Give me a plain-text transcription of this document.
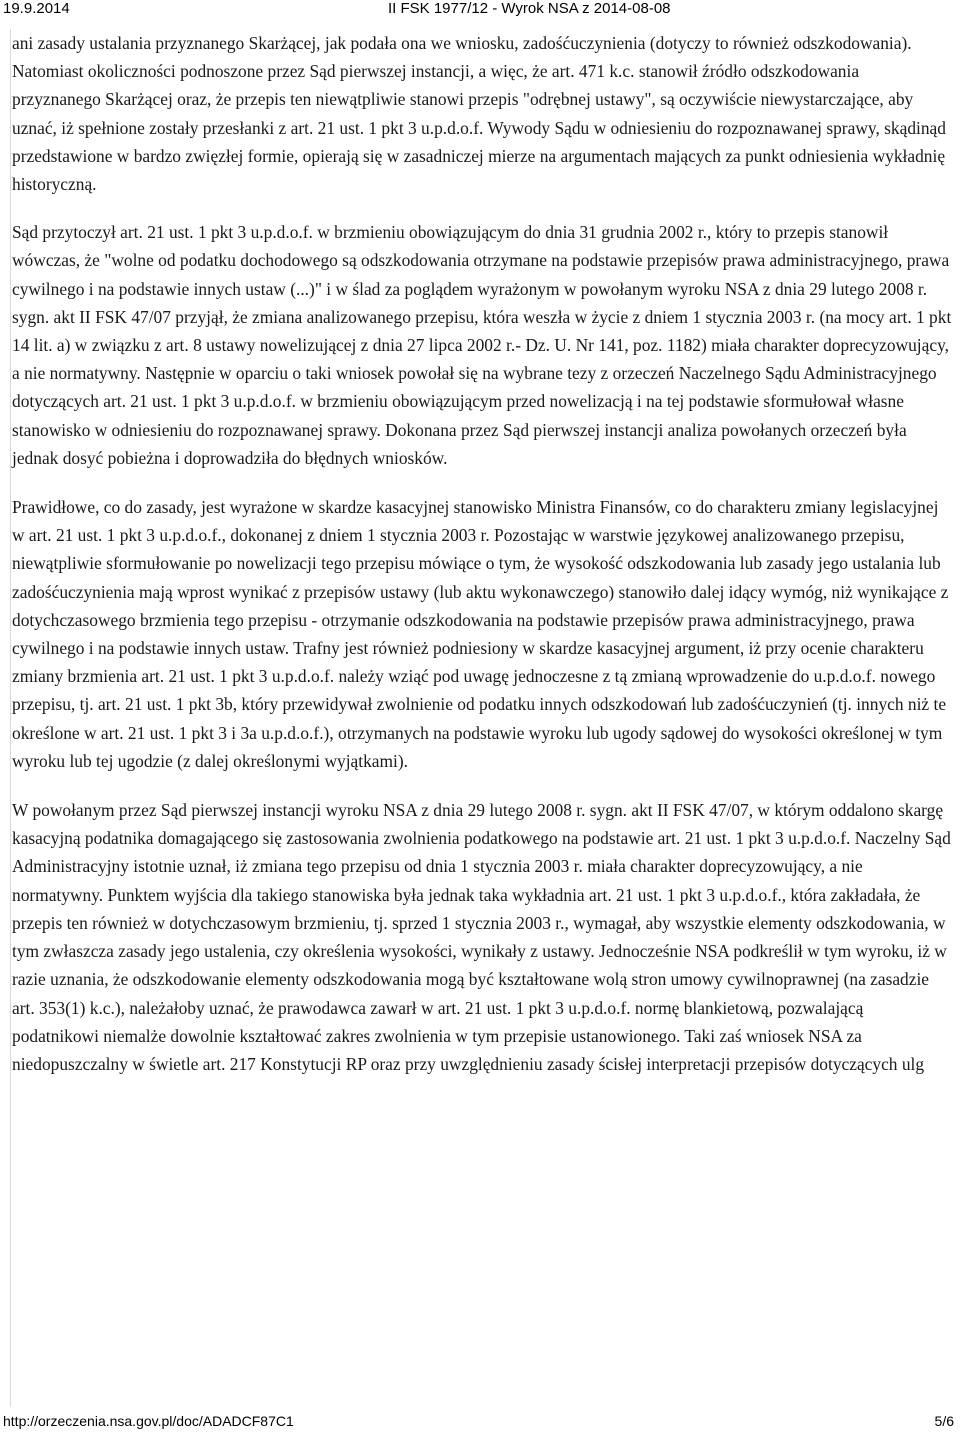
19.9.2014	II FSK 1977/12 - Wyrok NSA z 2014-08-08

ani zasady ustalania przyznanego Skarżącej, jak podała ona we wniosku, zadośćuczynienia (dotyczy to również odszkodowania). Natomiast okoliczności podnoszone przez Sąd pierwszej instancji, a więc, że art. 471 k.c. stanowił źródło odszkodowania przyznanego Skarżącej oraz, że przepis ten niewątpliwie stanowi przepis "odrębnej ustawy", są oczywiście niewystarczające, aby uznać, iż spełnione zostały przesłanki z art. 21 ust. 1 pkt 3 u.p.d.o.f. Wywody Sądu w odniesieniu do rozpoznawanej sprawy, skądinąd przedstawione w bardzo zwięzłej formie, opierają się w zasadniczej mierze na argumentach mających za punkt odniesienia wykładnię historyczną.

Sąd przytoczył art. 21 ust. 1 pkt 3 u.p.d.o.f. w brzmieniu obowiązującym do dnia 31 grudnia 2002 r., który to przepis stanowił wówczas, że "wolne od podatku dochodowego są odszkodowania otrzymane na podstawie przepisów prawa administracyjnego, prawa cywilnego i na podstawie innych ustaw (...)" i w ślad za poglądem wyrażonym w powołanym wyroku NSA z dnia 29 lutego 2008 r. sygn. akt II FSK 47/07 przyjął, że zmiana analizowanego przepisu, która weszła w życie z dniem 1 stycznia 2003 r. (na mocy art. 1 pkt 14 lit. a) w związku z art. 8 ustawy nowelizującej z dnia 27 lipca 2002 r.- Dz. U. Nr 141, poz. 1182) miała charakter doprecyzowujący, a nie normatywny. Następnie w oparciu o taki wniosek powołał się na wybrane tezy z orzeczeń Naczelnego Sądu Administracyjnego dotyczących art. 21 ust. 1 pkt 3 u.p.d.o.f. w brzmieniu obowiązującym przed nowelizacją i na tej podstawie sformułował własne stanowisko w odniesieniu do rozpoznawanej sprawy. Dokonana przez Sąd pierwszej instancji analiza powołanych orzeczeń była jednak dosyć pobieżna i doprowadziła do błędnych wniosków.

Prawidłowe, co do zasady, jest wyrażone w skardze kasacyjnej stanowisko Ministra Finansów, co do charakteru zmiany legislacyjnej w art. 21 ust. 1 pkt 3 u.p.d.o.f., dokonanej z dniem 1 stycznia 2003 r. Pozostając w warstwie językowej analizowanego przepisu, niewątpliwie sformułowanie po nowelizacji tego przepisu mówiące o tym, że wysokość odszkodowania lub zasady jego ustalania lub zadośćuczynienia mają wprost wynikać z przepisów ustawy (lub aktu wykonawczego) stanowiło dalej idący wymóg, niż wynikające z dotychczasowego brzmienia tego przepisu - otrzymanie odszkodowania na podstawie przepisów prawa administracyjnego, prawa cywilnego i na podstawie innych ustaw. Trafny jest również podniesiony w skardze kasacyjnej argument, iż przy ocenie charakteru zmiany brzmienia art. 21 ust. 1 pkt 3 u.p.d.o.f. należy wziąć pod uwagę jednoczesne z tą zmianą wprowadzenie do u.p.d.o.f. nowego przepisu, tj. art. 21 ust. 1 pkt 3b, który przewidywał zwolnienie od podatku innych odszkodowań lub zadośćuczynień (tj. innych niż te określone w art. 21 ust. 1 pkt 3 i 3a u.p.d.o.f.), otrzymanych na podstawie wyroku lub ugody sądowej do wysokości określonej w tym wyroku lub tej ugodzie (z dalej określonymi wyjątkami).

W powołanym przez Sąd pierwszej instancji wyroku NSA z dnia 29 lutego 2008 r. sygn. akt II FSK 47/07, w którym oddalono skargę kasacyjną podatnika domagającego się zastosowania zwolnienia podatkowego na podstawie art. 21 ust. 1 pkt 3 u.p.d.o.f. Naczelny Sąd Administracyjny istotnie uznał, iż zmiana tego przepisu od dnia 1 stycznia 2003 r. miała charakter doprecyzowujący, a nie normatywny. Punktem wyjścia dla takiego stanowiska była jednak taka wykładnia art. 21 ust. 1 pkt 3 u.p.d.o.f., która zakładała, że przepis ten również w dotychczasowym brzmieniu, tj. sprzed 1 stycznia 2003 r., wymagał, aby wszystkie elementy odszkodowania, w tym zwłaszcza zasady jego ustalenia, czy określenia wysokości, wynikały z ustawy. Jednocześnie NSA podkreślił w tym wyroku, iż w razie uznania, że odszkodowanie elementy odszkodowania mogą być kształtowane wolą stron umowy cywilnoprawnej (na zasadzie art. 353(1) k.c.), należałoby uznać, że prawodawca zawarł w art. 21 ust. 1 pkt 3 u.p.d.o.f. normę blankietową, pozwalającą podatnikowi niemalże dowolnie kształtować zakres zwolnienia w tym przepisie ustanowionego. Taki zaś wniosek NSA za niedopuszczalny w świetle art. 217 Konstytucji RP oraz przy uwzględnieniu zasady ścisłej interpretacji przepisów dotyczących ulg

http://orzeczenia.nsa.gov.pl/doc/ADADCF87C1	5/6
